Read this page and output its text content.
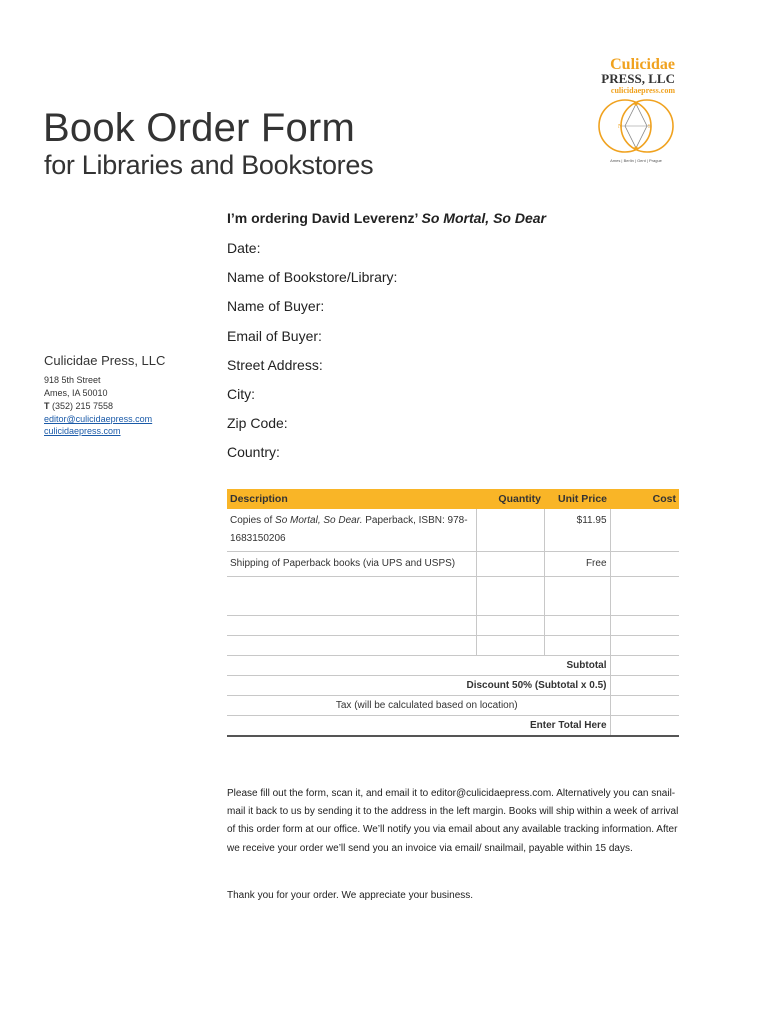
Culicidae
PRESS, LLC
culicidaepress.com
N	S
Ames | Berlin | Gent | Prague
Book Order Form
for Libraries and Bookstores
Culicidae Press, LLC
918 5th Street
Ames, IA 50010
T (352) 215 7558
editor@culicidaepress.com
culicidaepress.com
I’m ordering David Leverenz’ So Mortal, So Dear
Date:
Name of Bookstore/Library:
Name of Buyer:
Email of Buyer:
Street Address:
City:
Zip Code:
Country:
Description	Quantity	Unit Price	Cost
Copies of So Mortal, So Dear. Paperback, ISBN: 978-1683150206		$11.95	
Shipping of Paperback books (via UPS and USPS)		Free	

Subtotal			
Discount 50% (Subtotal x 0.5)			
Tax (will be calculated based on location)			
Enter Total Here			

Please fill out the form, scan it, and email it to editor@culicidaepress.com. Alternatively you can snail-mail it back to us by sending it to the address in the left margin. Books will ship within a week of arrival of this order form at our office. We’ll notify you via email about any available tracking information. After we receive your order we’ll send you an invoice via email/ snailmail, payable within 15 days.

Thank you for your order. We appreciate your business.
